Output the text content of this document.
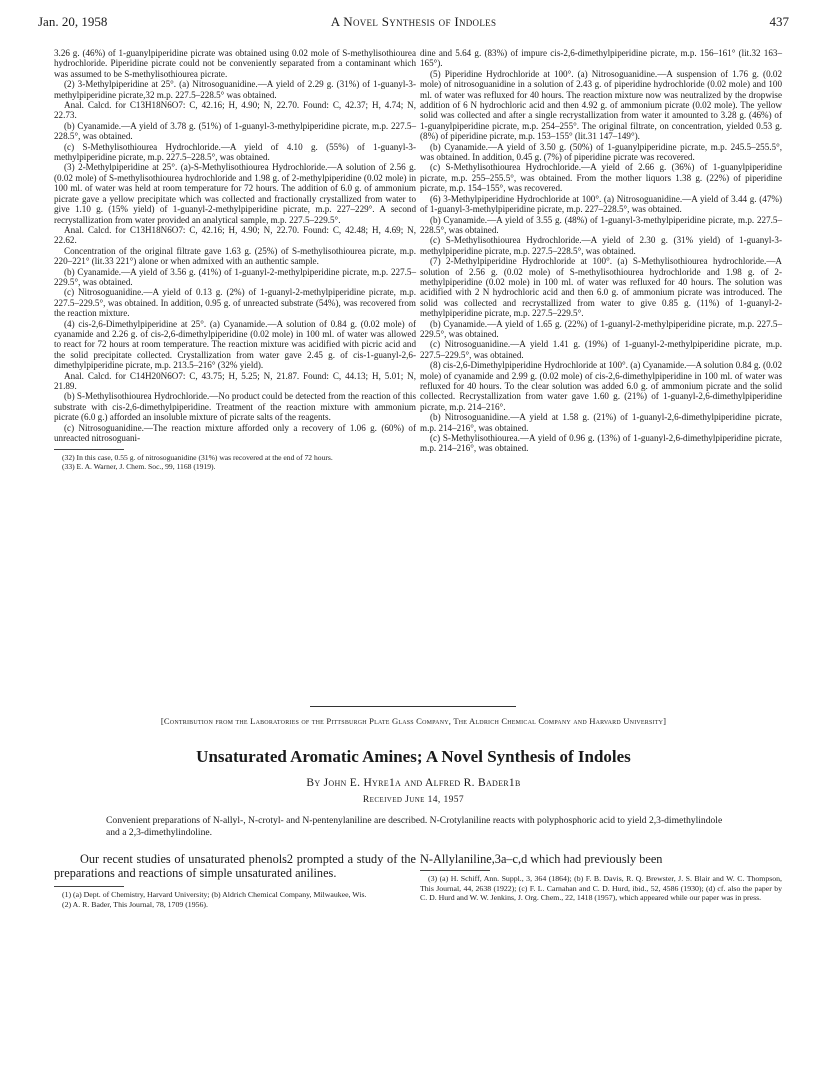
Jan. 20, 1958	A Novel Synthesis of Indoles	437

3.26 g. (46%) of 1-guanylpiperidine picrate was obtained using 0.02 mole of S-methylisothiourea hydrochloride. Piperidine picrate could not be conveniently separated from a contaminant which was assumed to be S-methylisothiourea picrate.

(2) 3-Methylpiperidine at 25°. (a) Nitrosoguanidine.—A yield of 2.29 g. (31%) of 1-guanyl-3-methylpiperidine picrate,32 m.p. 227.5–228.5° was obtained.

Anal. Calcd. for C13H18N6O7: C, 42.16; H, 4.90; N, 22.70. Found: C, 42.37; H, 4.74; N, 22.73.

(b) Cyanamide.—A yield of 3.78 g. (51%) of 1-guanyl-3-methylpiperidine picrate, m.p. 227.5–228.5°, was obtained.

(c) S-Methylisothiourea Hydrochloride.—A yield of 4.10 g. (55%) of 1-guanyl-3-methylpiperidine picrate, m.p. 227.5–228.5°, was obtained.

(3) 2-Methylpiperidine at 25°. (a)-S-Methylisothiourea Hydrochloride.—A solution of 2.56 g. (0.02 mole) of S-methylisothiourea hydrochloride and 1.98 g. of 2-methylpiperidine (0.02 mole) in 100 ml. of water was held at room temperature for 72 hours. The addition of 6.0 g. of ammonium picrate gave a yellow precipitate which was collected and fractionally crystallized from water to give 1.10 g. (15% yield) of 1-guanyl-2-methylpiperidine picrate, m.p. 227–229°. A second recrystallization from water provided an analytical sample, m.p. 227.5–229.5°.

Anal. Calcd. for C13H18N6O7: C, 42.16; H, 4.90; N, 22.70. Found: C, 42.48; H, 4.69; N, 22.62.

Concentration of the original filtrate gave 1.63 g. (25%) of S-methylisothiourea picrate, m.p. 220–221° (lit.33 221°) alone or when admixed with an authentic sample.

(b) Cyanamide.—A yield of 3.56 g. (41%) of 1-guanyl-2-methylpiperidine picrate, m.p. 227.5–229.5°, was obtained.

(c) Nitrosoguanidine.—A yield of 0.13 g. (2%) of 1-guanyl-2-methylpiperidine picrate, m.p. 227.5–229.5°, was obtained. In addition, 0.95 g. of unreacted substrate (54%), was recovered from the reaction mixture.

(4) cis-2,6-Dimethylpiperidine at 25°. (a) Cyanamide.—A solution of 0.84 g. (0.02 mole) of cyanamide and 2.26 g. of cis-2,6-dimethylpiperidine (0.02 mole) in 100 ml. of water was allowed to react for 72 hours at room temperature. The reaction mixture was acidified with picric acid and the solid precipitate collected. Crystallization from water gave 2.45 g. of cis-1-guanyl-2,6-dimethylpiperidine picrate, m.p. 213.5–216° (32% yield).

Anal. Calcd. for C14H20N6O7: C, 43.75; H, 5.25; N, 21.87. Found: C, 44.13; H, 5.01; N, 21.89.

(b) S-Methylisothiourea Hydrochloride.—No product could be detected from the reaction of this substrate with cis-2,6-dimethylpiperidine. Treatment of the reaction mixture with ammonium picrate (6.0 g.) afforded an insoluble mixture of picrate salts of the reagents.

(c) Nitrosoguanidine.—The reaction mixture afforded only a recovery of 1.06 g. (60%) of unreacted nitrosoguani-

(32) In this case, 0.55 g. of nitrosoguanidine (31%) was recovered at the end of 72 hours.

(33) E. A. Warner, J. Chem. Soc., 99, 1168 (1919).

dine and 5.64 g. (83%) of impure cis-2,6-dimethylpiperidine picrate, m.p. 156–161° (lit.32 163–165°).

(5) Piperidine Hydrochloride at 100°. (a) Nitrosoguanidine.—A suspension of 1.76 g. (0.02 mole) of nitrosoguanidine in a solution of 2.43 g. of piperidine hydrochloride (0.02 mole) and 100 ml. of water was refluxed for 40 hours. The reaction mixture now was neutralized by the dropwise addition of 6 N hydrochloric acid and then 4.92 g. of ammonium picrate (0.02 mole). The yellow solid was collected and after a single recrystallization from water it amounted to 3.28 g. (46%) of 1-guanylpiperidine picrate, m.p. 254–255°. The original filtrate, on concentration, yielded 0.53 g. (8%) of piperidine picrate, m.p. 153–155° (lit.31 147–149°).

(b) Cyanamide.—A yield of 3.50 g. (50%) of 1-guanylpiperidine picrate, m.p. 245.5–255.5°, was obtained. In addition, 0.45 g. (7%) of piperidine picrate was recovered.

(c) S-Methylisothiourea Hydrochloride.—A yield of 2.66 g. (36%) of 1-guanylpiperidine picrate, m.p. 255–255.5°, was obtained. From the mother liquors 1.38 g. (22%) of piperidine picrate, m.p. 154–155°, was recovered.

(6) 3-Methylpiperidine Hydrochloride at 100°. (a) Nitrosoguanidine.—A yield of 3.44 g. (47%) of 1-guanyl-3-methylpiperidine picrate, m.p. 227–228.5°, was obtained.

(b) Cyanamide.—A yield of 3.55 g. (48%) of 1-guanyl-3-methylpiperidine picrate, m.p. 227.5–228.5°, was obtained.

(c) S-Methylisothiourea Hydrochloride.—A yield of 2.30 g. (31% yield) of 1-guanyl-3-methylpiperidine picrate, m.p. 227.5–228.5°, was obtained.

(7) 2-Methylpiperidine Hydrochloride at 100°. (a) S-Methylisothiourea hydrochloride.—A solution of 2.56 g. (0.02 mole) of S-methylisothiourea hydrochloride and 1.98 g. of 2-methylpiperidine (0.02 mole) in 100 ml. of water was refluxed for 40 hours. The solution was acidified with 2 N hydrochloric acid and then 6.0 g. of ammonium picrate was introduced. The solid was collected and recrystallized from water to give 0.85 g. (11%) of 1-guanyl-2-methylpiperidine picrate, m.p. 227.5–229.5°.

(b) Cyanamide.—A yield of 1.65 g. (22%) of 1-guanyl-2-methylpiperidine picrate, m.p. 227.5–229.5°, was obtained.

(c) Nitrosoguanidine.—A yield 1.41 g. (19%) of 1-guanyl-2-methylpiperidine picrate, m.p. 227.5–229.5°, was obtained.

(8) cis-2,6-Dimethylpiperidine Hydrochloride at 100°. (a) Cyanamide.—A solution 0.84 g. (0.02 mole) of cyanamide and 2.99 g. (0.02 mole) of cis-2,6-dimethylpiperidine in 100 ml. of water was refluxed for 40 hours. To the clear solution was added 6.0 g. of ammonium picrate and the solid collected. Recrystallization from water gave 1.60 g. (21%) of 1-guanyl-2,6-dimethylpiperidine picrate, m.p. 214–216°.

(b) Nitrosoguanidine.—A yield at 1.58 g. (21%) of 1-guanyl-2,6-dimethylpiperidine picrate, m.p. 214–216°, was obtained.

(c) S-Methylisothiourea.—A yield of 0.96 g. (13%) of 1-guanyl-2,6-dimethylpiperidine picrate, m.p. 214–216°, was obtained.

[Contribution from the Laboratories of the Pittsburgh Plate Glass Company, The Aldrich Chemical Company and Harvard University]
Unsaturated Aromatic Amines; A Novel Synthesis of Indoles
By John E. Hyre1a and Alfred R. Bader1b
Received June 14, 1957
Convenient preparations of N-allyl-, N-crotyl- and N-pentenylaniline are described. N-Crotylaniline reacts with polyphosphoric acid to yield 2,3-dimethylindole and a 2,3-dimethylindoline.

Our recent studies of unsaturated phenols2 prompted a study of the preparations and reactions of simple unsaturated anilines.

(1) (a) Dept. of Chemistry, Harvard University; (b) Aldrich Chemical Company, Milwaukee, Wis.

(2) A. R. Bader, This Journal, 78, 1709 (1956).

N-Allylaniline,3a–c,d which had previously been

(3) (a) H. Schiff, Ann. Suppl., 3, 364 (1864); (b) F. B. Davis, R. Q. Brewster, J. S. Blair and W. C. Thompson, This Journal, 44, 2638 (1922); (c) F. L. Carnahan and C. D. Hurd, ibid., 52, 4586 (1930); (d) cf. also the paper by C. D. Hurd and W. W. Jenkins, J. Org. Chem., 22, 1418 (1957), which appeared while our paper was in press.
